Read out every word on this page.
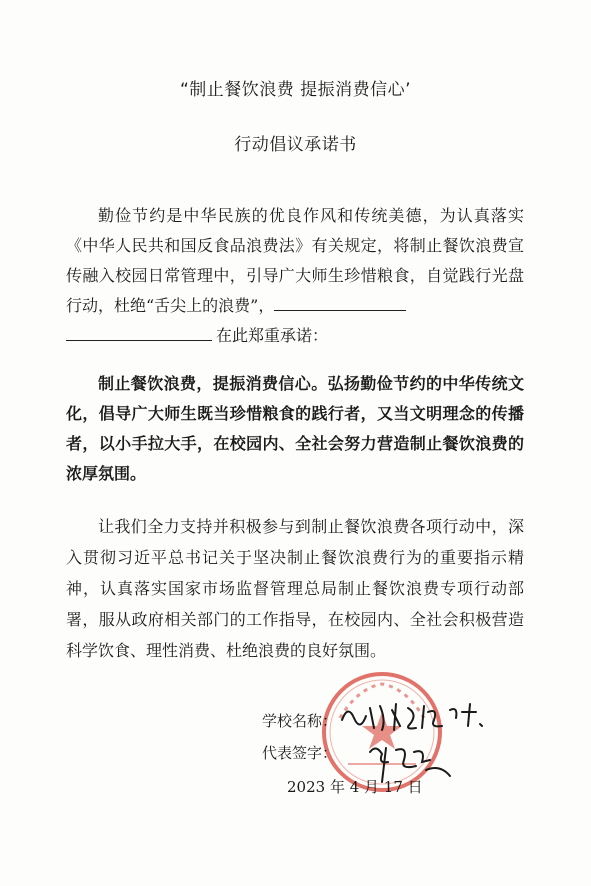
“制止餐饮浪费 提振消费信心’
行动倡议承诺书
勤俭节约是中华民族的优良作风和传统美德，为认真落实《中华人民共和国反食品浪费法》有关规定，将制止餐饮浪费宣传融入校园日常管理中，引导广大师生珍惜粮食，自觉践行光盘行动，杜绝“舌尖上的浪费”，
在此郑重承诺：
制止餐饮浪费，提振消费信心。弘扬勤俭节约的中华传统文化，倡导广大师生既当珍惜粮食的践行者，又当文明理念的传播者，以小手拉大手，在校园内、全社会努力营造制止餐饮浪费的浓厚氛围。
让我们全力支持并积极参与到制止餐饮浪费各项行动中，深入贯彻习近平总书记关于坚决制止餐饮浪费行为的重要指示精神，认真落实国家市场监督管理总局制止餐饮浪费专项行动部署，服从政府相关部门的工作指导，在校园内、全社会积极营造科学饮食、理性消费、杜绝浪费的良好氛围。
学校名称：
代表签字：
2023 年 4 月 17 日
